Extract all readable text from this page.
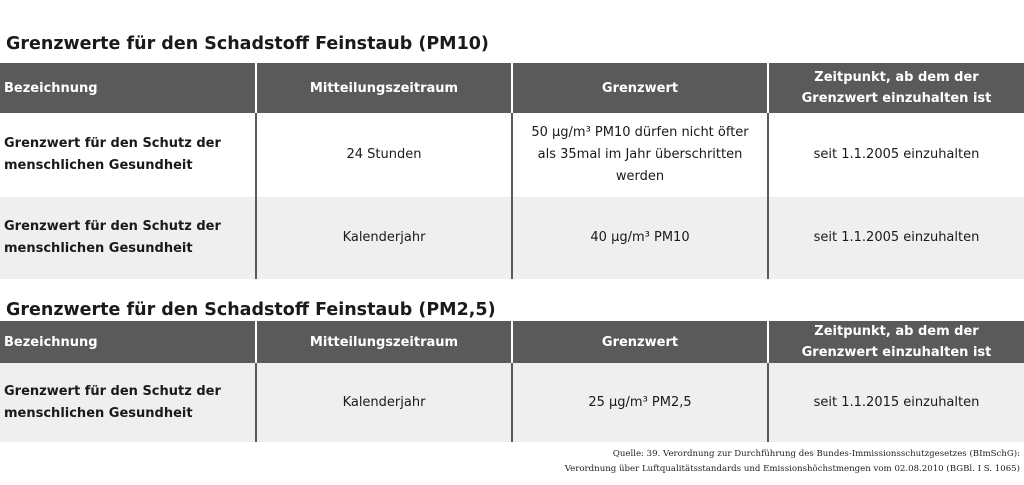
Grenzwerte für den Schadstoff Feinstaub (PM10)
Bezeichnung	Mitteilungszeitraum	Grenzwert	Zeitpunkt, ab dem der Grenzwert einzuhalten ist
Grenzwert für den Schutz der menschlichen Gesundheit	24 Stunden	50 µg/m³ PM10 dürfen nicht öfter als 35mal im Jahr überschritten werden	seit 1.1.2005 einzuhalten
Grenzwert für den Schutz der menschlichen Gesundheit	Kalenderjahr	40 µg/m³ PM10	seit 1.1.2005 einzuhalten
Grenzwerte für den Schadstoff Feinstaub (PM2,5)
Bezeichnung	Mitteilungszeitraum	Grenzwert	Zeitpunkt, ab dem der Grenzwert einzuhalten ist
Grenzwert für den Schutz der menschlichen Gesundheit	Kalenderjahr	25 µg/m³ PM2,5	seit 1.1.2015 einzuhalten
Quelle: 39. Verordnung zur Durchführung des Bundes-Immissionsschutzgesetzes (BImSchG):
Verordnung über Luftqualitätsstandards und Emissionshöchstmengen vom 02.08.2010 (BGBl. I S. 1065)
